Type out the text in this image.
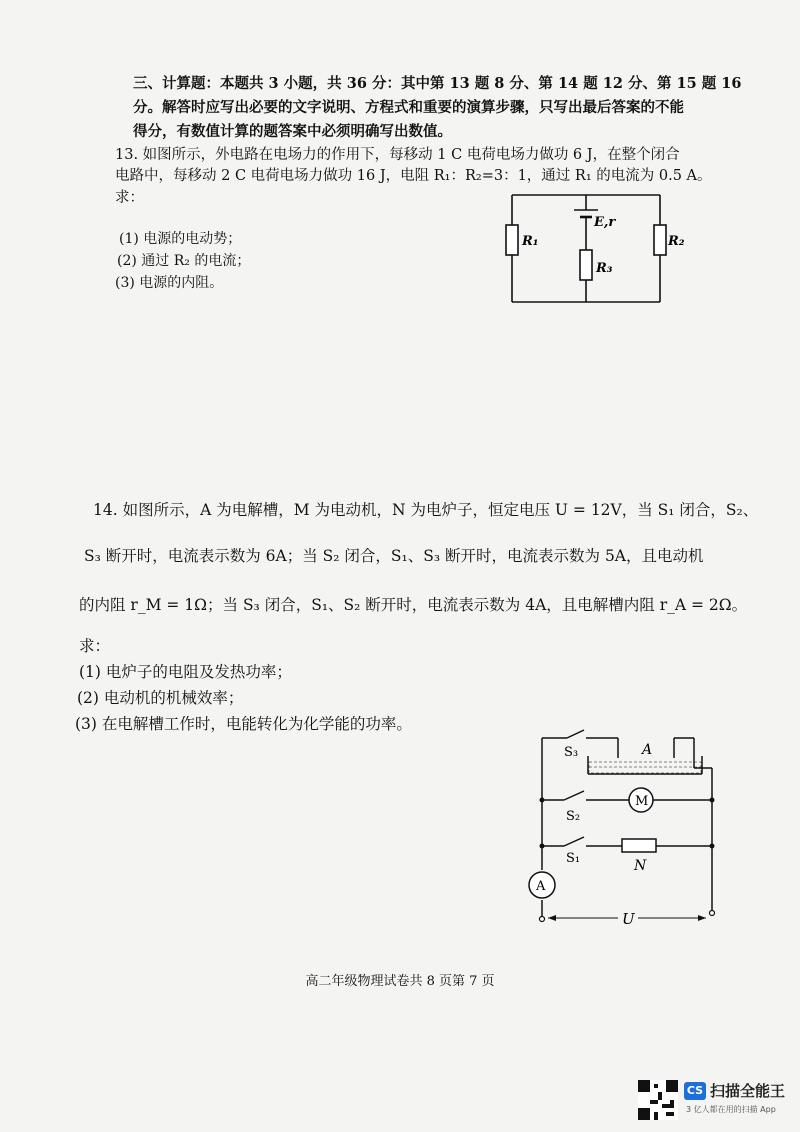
三、计算题：本题共 3 小题，共 36 分：其中第 13 题 8 分、第 14 题 12 分、第 15 题 16
分。解答时应写出必要的文字说明、方程式和重要的演算步骤，只写出最后答案的不能
得分，有数值计算的题答案中必须明确写出数值。
13. 如图所示，外电路在电场力的作用下，每移动 1 C 电荷电场力做功 6 J，在整个闭合
电路中，每移动 2 C 电荷电场力做功 16 J，电阻 R₁：R₂=3：1，通过 R₁ 的电流为 0.5 A。
求：
(1) 电源的电动势；
(2) 通过 R₂ 的电流；
(3) 电源的内阻。
R₁	R₂
E,r
R₃
14. 如图所示，A 为电解槽，M 为电动机，N 为电炉子，恒定电压 U = 12V，当 S₁ 闭合，S₂、
S₃ 断开时，电流表示数为 6A；当 S₂ 闭合，S₁、S₃ 断开时，电流表示数为 5A，且电动机
的内阻 r_M = 1Ω；当 S₃ 闭合，S₁、S₂ 断开时，电流表示数为 4A，且电解槽内阻 r_A = 2Ω。
求：
(1) 电炉子的电阻及发热功率；
(2) 电动机的机械效率；
(3) 在电解槽工作时，电能转化为化学能的功率。
A
S₃
M
S₂
N
S₁
A
U
高二年级物理试卷共 8 页第 7 页
CS 扫描全能王
3 亿人都在用的扫描 App
